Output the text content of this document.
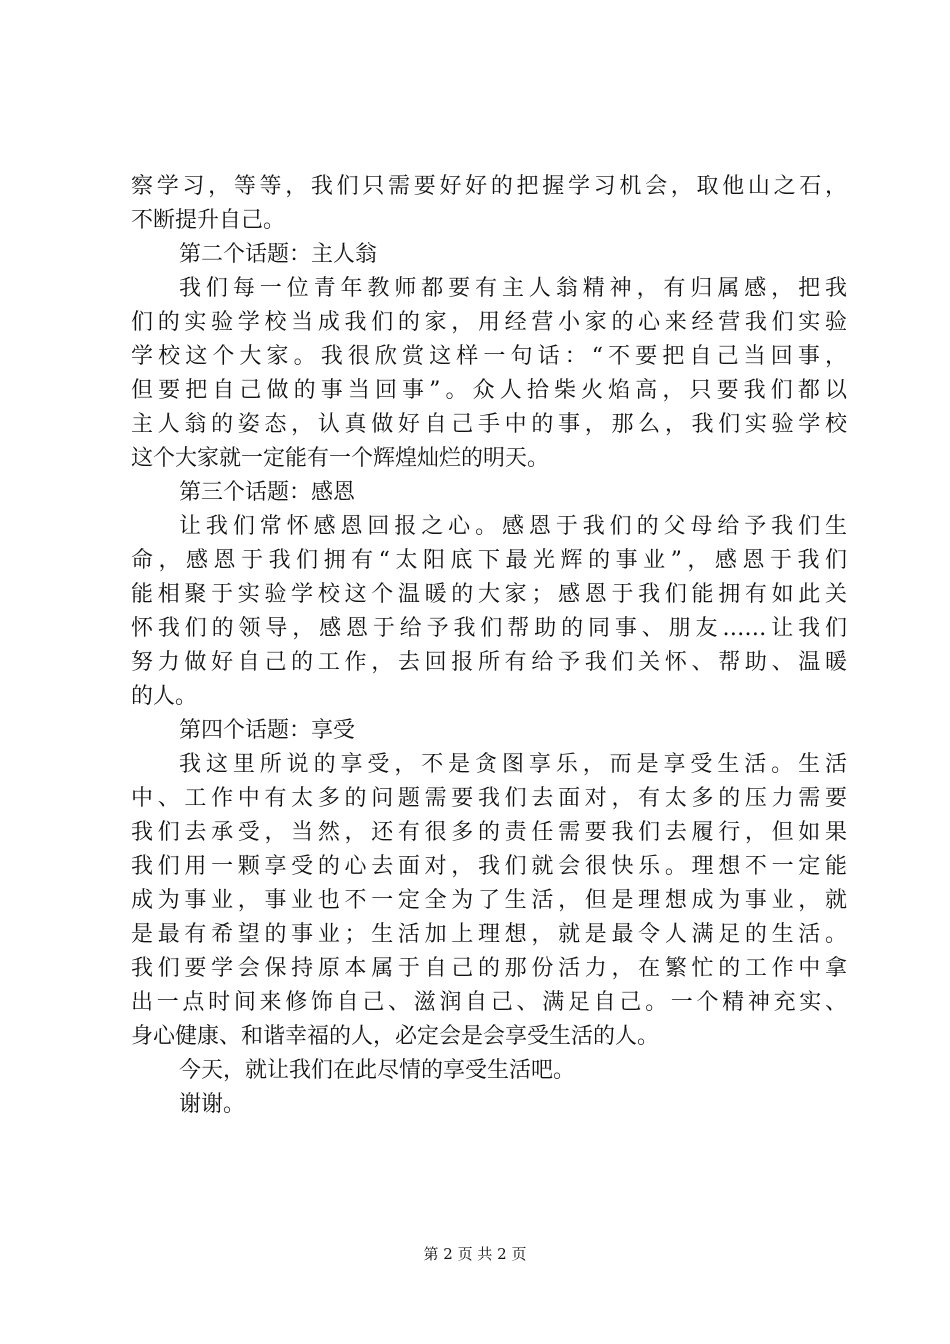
察学习，等等，我们只需要好好的把握学习机会，取他山之石，
不断提升自己。
第二个话题：主人翁
我们每一位青年教师都要有主人翁精神，有归属感，把我
们的实验学校当成我们的家，用经营小家的心来经营我们实验
学校这个大家。我很欣赏这样一句话：“不要把自己当回事，
但要把自己做的事当回事”。众人拾柴火焰高，只要我们都以
主人翁的姿态，认真做好自己手中的事，那么，我们实验学校
这个大家就一定能有一个辉煌灿烂的明天。
第三个话题：感恩
让我们常怀感恩回报之心。感恩于我们的父母给予我们生
命，感恩于我们拥有“太阳底下最光辉的事业”，感恩于我们
能相聚于实验学校这个温暖的大家；感恩于我们能拥有如此关
怀我们的领导，感恩于给予我们帮助的同事、朋友……让我们
努力做好自己的工作，去回报所有给予我们关怀、帮助、温暖
的人。
第四个话题：享受
我这里所说的享受，不是贪图享乐，而是享受生活。生活
中、工作中有太多的问题需要我们去面对，有太多的压力需要
我们去承受，当然，还有很多的责任需要我们去履行，但如果
我们用一颗享受的心去面对，我们就会很快乐。理想不一定能
成为事业，事业也不一定全为了生活，但是理想成为事业，就
是最有希望的事业；生活加上理想，就是最令人满足的生活。
我们要学会保持原本属于自己的那份活力，在繁忙的工作中拿
出一点时间来修饰自己、滋润自己、满足自己。一个精神充实、
身心健康、和谐幸福的人，必定会是会享受生活的人。
今天，就让我们在此尽情的享受生活吧。
谢谢。
第 2 页 共 2 页
